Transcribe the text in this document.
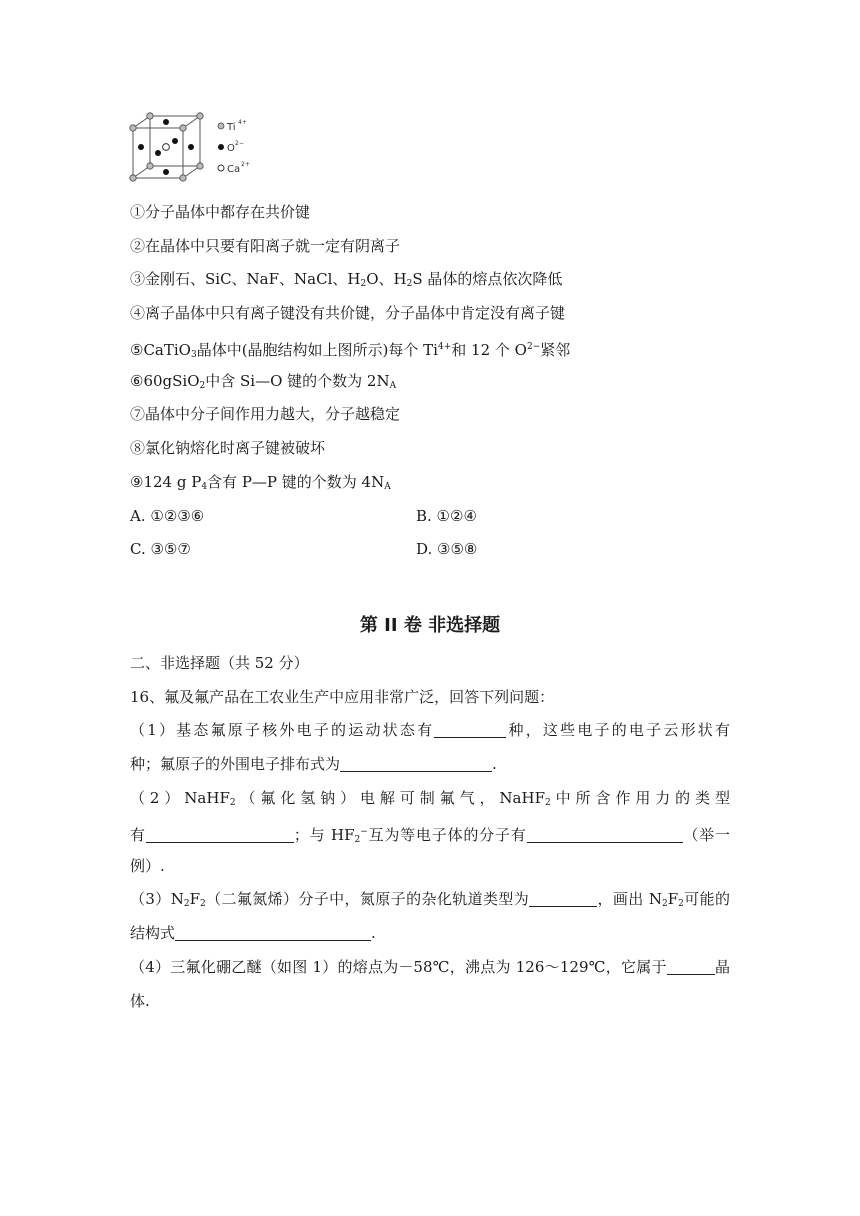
Ti 4+
O 2−
Ca 2+
①分子晶体中都存在共价键
②在晶体中只要有阳离子就一定有阴离子
③金刚石、SiC、NaF、NaCl、$H_2O$、$H_2S$ 晶体的熔点依次降低
④离子晶体中只有离子键没有共价键，分子晶体中肯定没有离子键
⑤CaTiO$_3$晶体中(晶胞结构如上图所示)每个 $Ti^{4+}$和 12 个 $O^{2-}$紧邻
⑥60gSiO$_2$中含 Si—O 键的个数为 $2N_A$
⑦晶体中分子间作用力越大，分子越稳定
⑧氯化钠熔化时离子键被破坏
⑨124 g $P_4$含有 P—P 键的个数为 $4N_A$
A. ①②③⑥	B. ①②④
C. ③⑤⑦	D. ③⑤⑧
第 II 卷 非选择题
二、非选择题（共 52 分）
16、氟及氟产品在工农业生产中应用非常广泛，回答下列问题：
（1）基态氟原子核外电子的运动状态有	种，这些电子的电子云形状有
种；氟原子的外围电子排布式为	.
（2）NaHF$_2$（氟化氢钠）电解可制氟气，NaHF$_2$中所含作用力的类型
有	；与 $HF_2^-$互为等电子体的分子有	（举一
例）.
$(3)N_2F_2$（二氟氮烯）分子中，氮原子的杂化轨道类型为	，画出 $N_2F_2$可能的
结构式	.
（4）三氟化硼乙醚（如图 1）的熔点为－58℃，沸点为 126～129℃，它属于	晶
体.
